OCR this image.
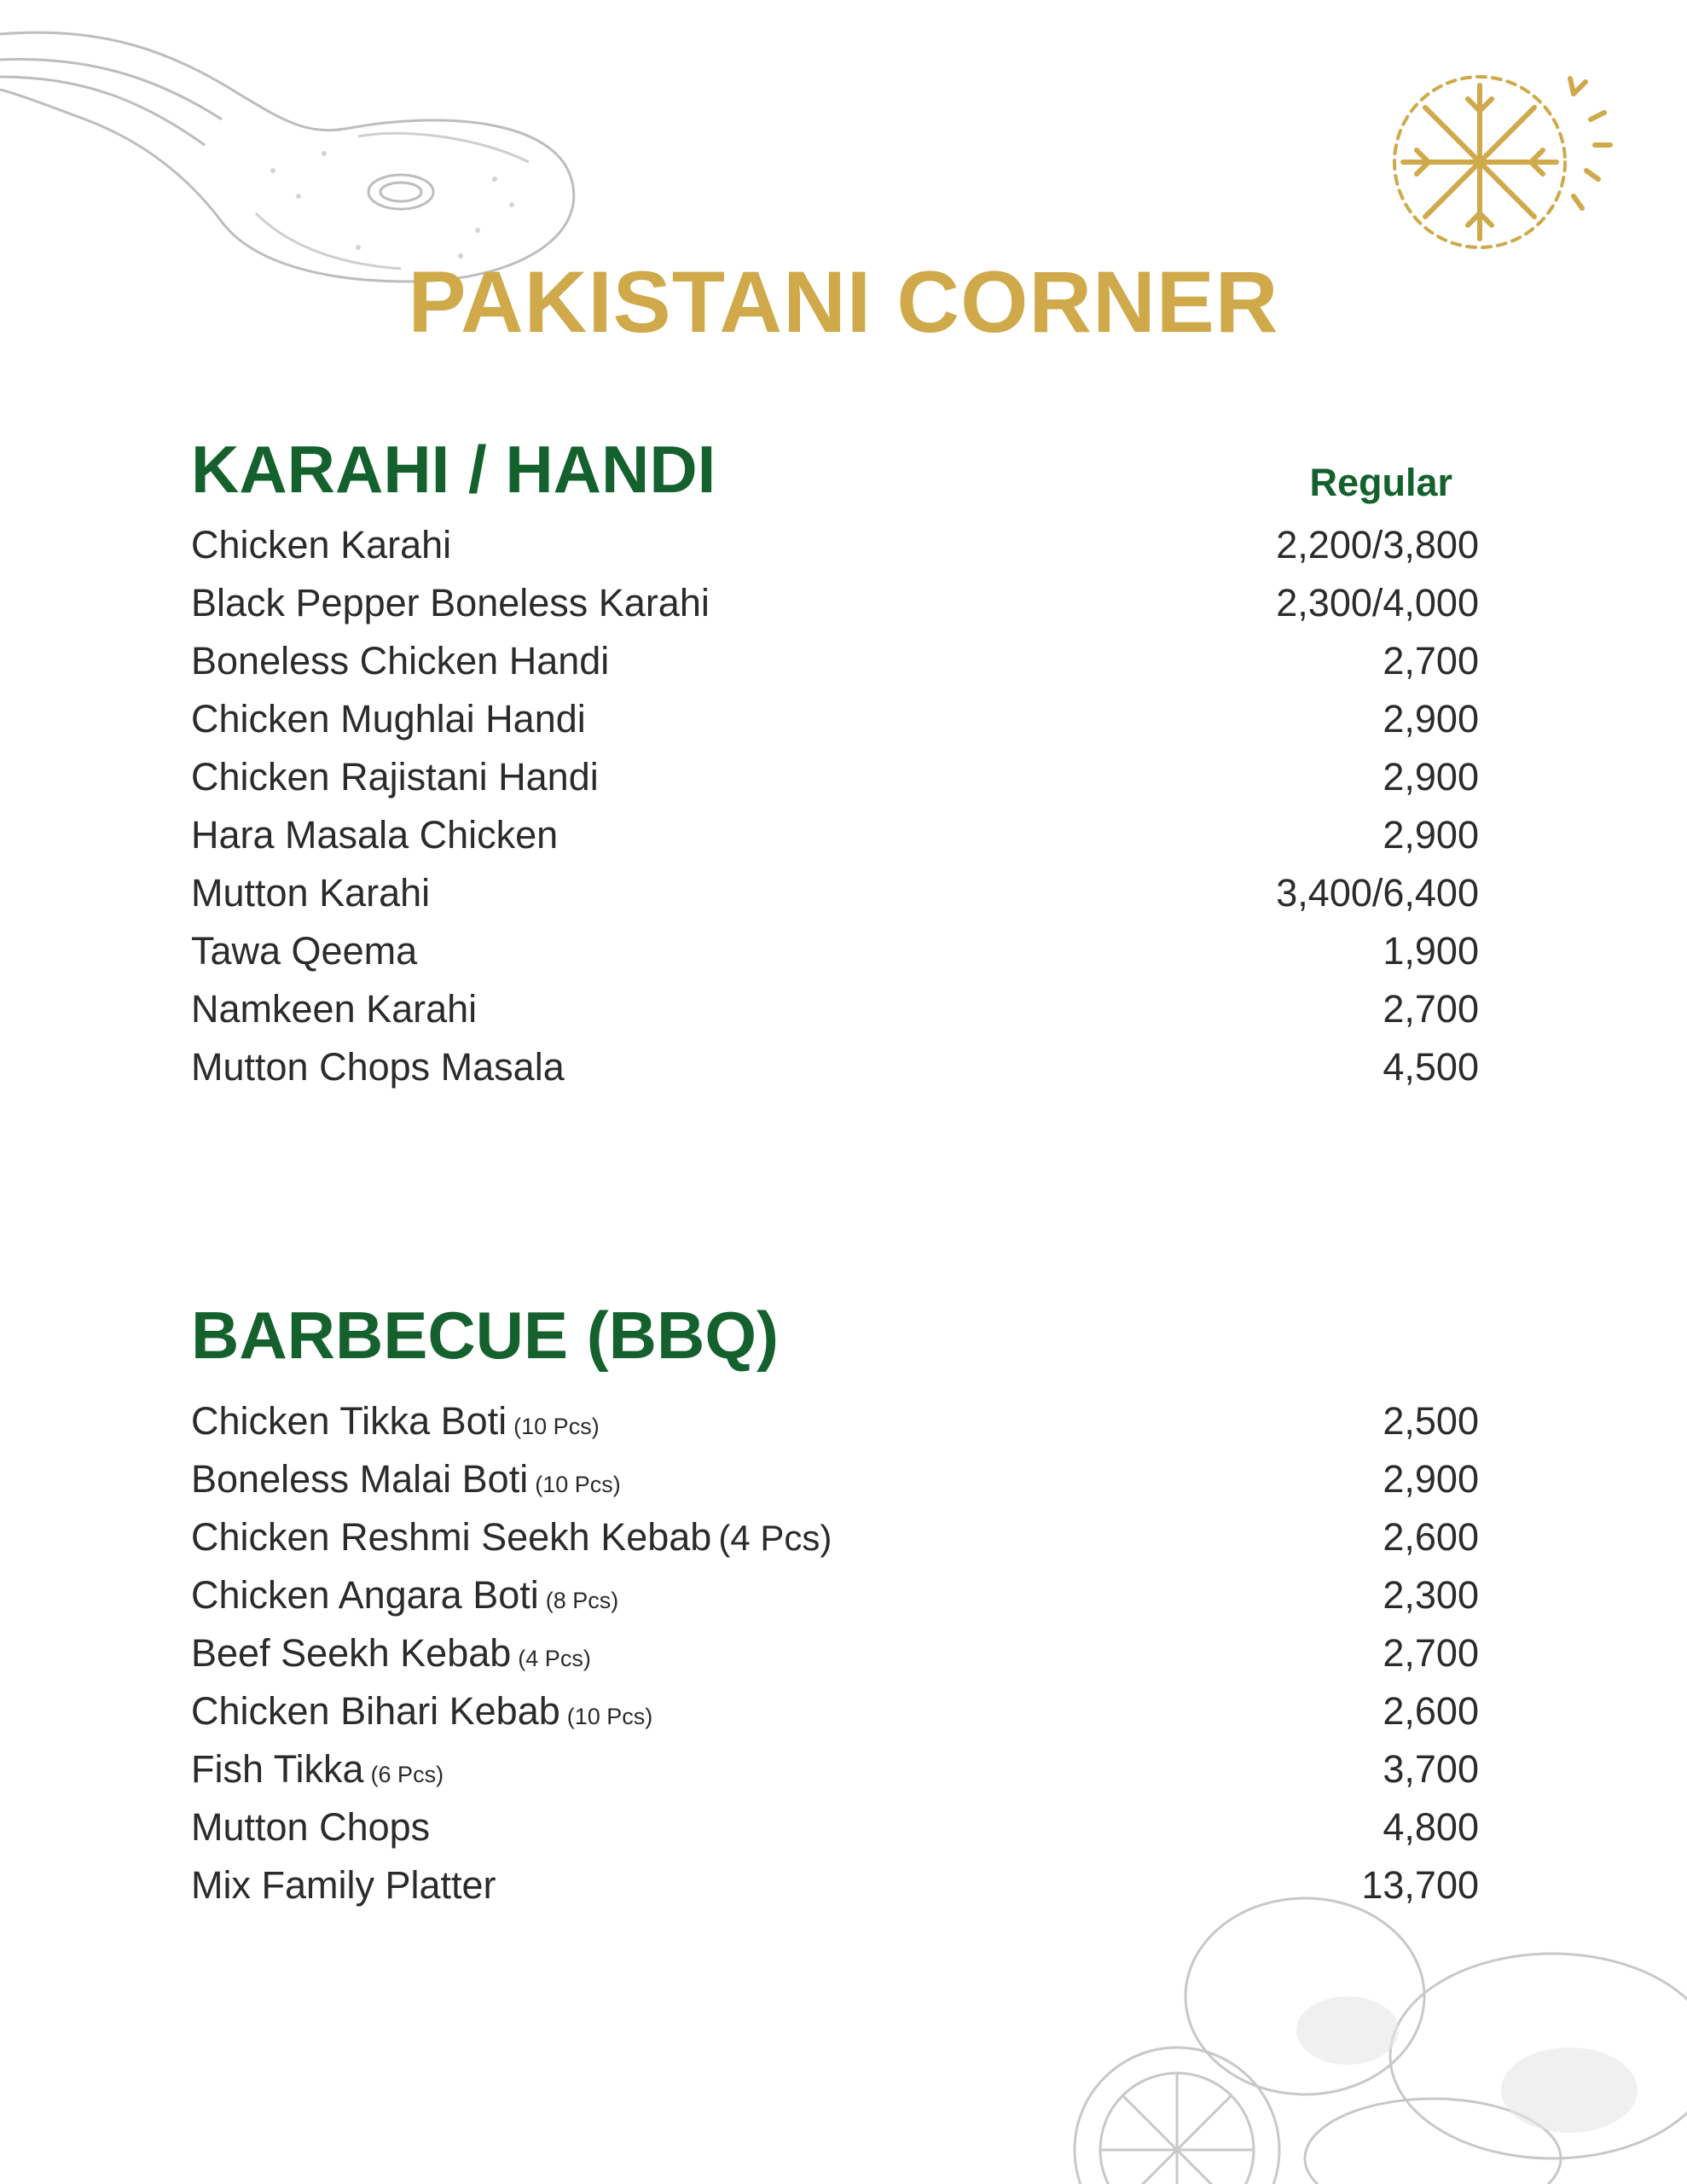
PAKISTANI CORNER
KARAHI / HANDI	Regular
Chicken Karahi	2,200/3,800
Black Pepper Boneless Karahi	2,300/4,000
Boneless Chicken Handi	2,700
Chicken Mughlai Handi	2,900
Chicken Rajistani Handi	2,900
Hara Masala Chicken	2,900
Mutton Karahi	3,400/6,400
Tawa Qeema	1,900
Namkeen Karahi	2,700
Mutton Chops Masala	4,500
BARBECUE (BBQ)
Chicken Tikka Boti (10 Pcs)	2,500
Boneless Malai Boti (10 Pcs)	2,900
Chicken Reshmi Seekh Kebab (4 Pcs)	2,600
Chicken Angara Boti (8 Pcs)	2,300
Beef Seekh Kebab (4 Pcs)	2,700
Chicken Bihari Kebab (10 Pcs)	2,600
Fish Tikka (6 Pcs)	3,700
Mutton Chops	4,800
Mix Family Platter	13,700
